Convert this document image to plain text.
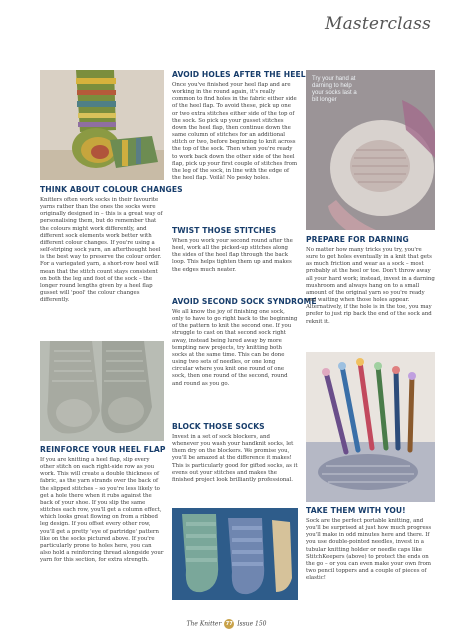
Masterclass
THINK ABOUT COLOUR CHANGES

Knitters often work socks in their favourite yarns rather than the ones the socks were originally designed in – this is a great way of personalising them, but do remember that the colours might work differently, and different sock elements work better with different colour changes. If you're using a self-striping sock yarn, an afterthought heel is the best way to preserve the colour order. For a variegated yarn, a short-row heel will mean that the stitch count stays consistent on both the leg and foot of the sock – the longer round lengths given by a heel flap gusset will 'pool' the colour changes differently.

REINFORCE YOUR HEEL FLAP

If you are knitting a heel flap, slip every other stitch on each right-side row as you work. This will create a double thickness of fabric, as the yarn strands over the back of the slipped stitches – so you're less likely to get a hole there when it rubs against the back of your shoe. If you slip the same stitches each row, you'll get a column effect, which looks great flowing on from a ribbed leg design. If you offset every other row, you'll get a pretty 'eye of partridge' pattern like on the socks pictured above. If you're particularly prone to holes here, you can also hold a reinforcing thread alongside your yarn for this section, for extra strength.

AVOID HOLES AFTER THE HEEL

Once you've finished your heel flap and are working in the round again, it's really common to find holes in the fabric either side of the heel flap. To avoid these, pick up one or two extra stitches either side of the top of the sock. So pick up your gusset stitches down the heel flap, then continue down the same column of stitches for an additional stitch or two, before beginning to knit across the top of the sock. Then when you're ready to work back down the other side of the heel flap, pick up your first couple of stitches from the leg of the sock, in line with the edge of the heel flap. Voilà! No pesky holes.

TWIST THOSE STITCHES

When you work your second round after the heel, work all the picked-up stitches along the sides of the heel flap through the back loop. This helps tighten them up and makes the edges much neater.

AVOID SECOND SOCK SYNDROME

We all know the joy of finishing one sock, only to have to go right back to the beginning of the pattern to knit the second one. If you struggle to cast on that second sock right away, instead being lured away by more tempting new projects, try knitting both socks at the same time. This can be done using two sets of needles, or one long circular where you knit one round of one sock, then one round of the second, round and round as you go.

BLOCK THOSE SOCKS

Invest in a set of sock blockers, and whenever you wash your handknit socks, let them dry on the blockers. We promise you, you'll be amazed at the difference it makes! This is particularly good for gifted socks, as it evens out your stitches and makes the finished project look brilliantly professional.

Try your hand at darning to help your socks last a bit longer
PREPARE FOR DARNING

No matter how many tricks you try, you're sure to get holes eventually in a knit that gets as much friction and wear as a sock – most probably at the heel or toe. Don't throw away all your hard work; instead, invest in a darning mushroom and always hang on to a small amount of the original yarn so you're ready and waiting when those holes appear. Alternatively, if the hole is in the toe, you may prefer to just rip back the end of the sock and reknit it.

TAKE THEM WITH YOU!

Sock are the perfect portable knitting, and you'll be surprised at just how much progress you'll make in odd minutes here and there. If you use double-pointed needles, invest in a tubular knitting holder or needle caps like StitchKeepers (above) to protect the ends on the go – or you can even make your own from two pencil toppers and a couple of pieces of elastic!

The Knitter 77 Issue 150
